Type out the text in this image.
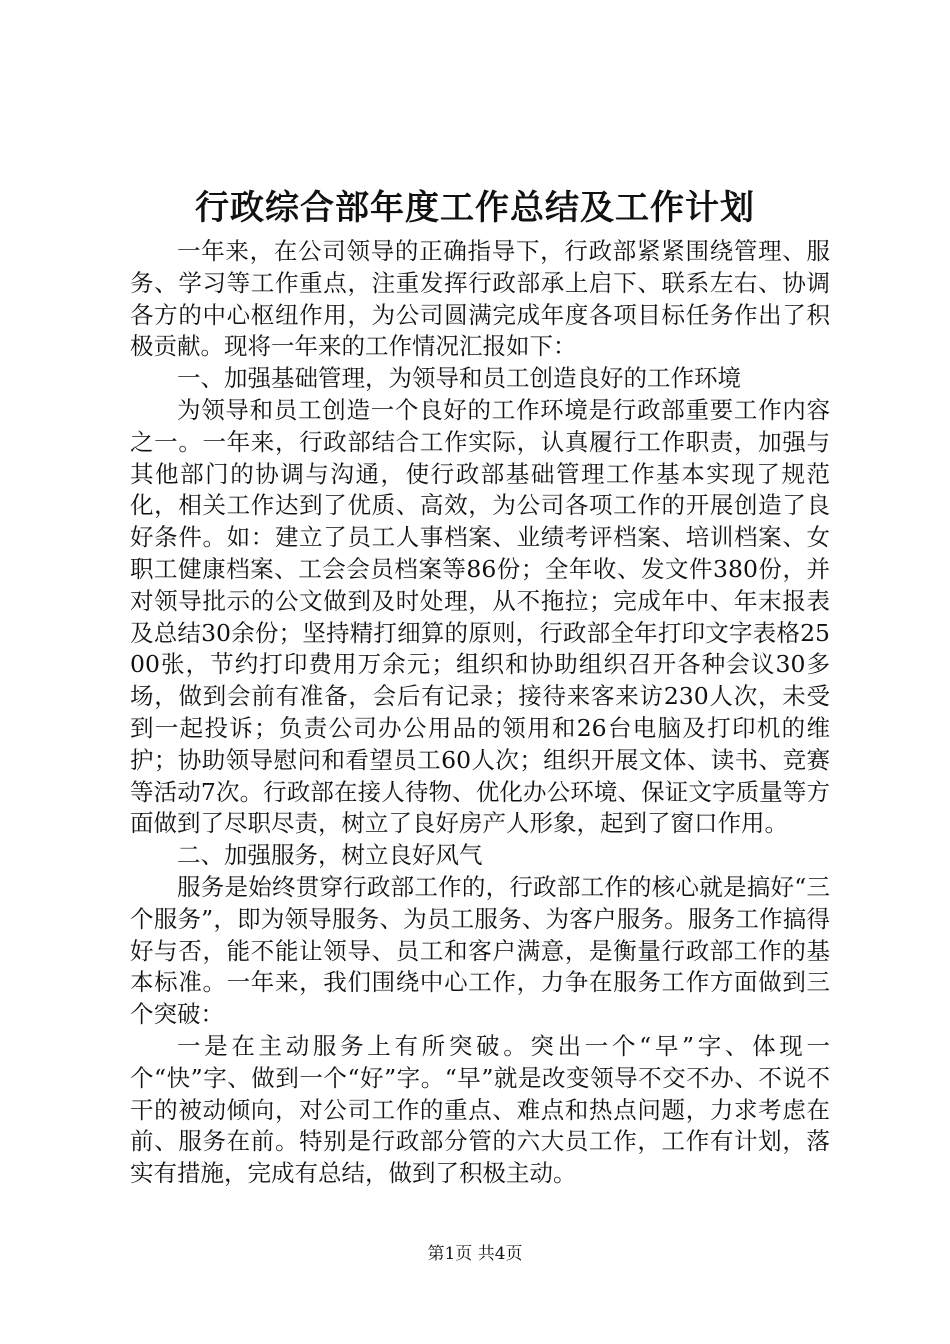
行政综合部年度工作总结及工作计划

一年来，在公司领导的正确指导下，行政部紧紧围绕管理、服务、学习等工作重点，注重发挥行政部承上启下、联系左右、协调各方的中心枢纽作用，为公司圆满完成年度各项目标任务作出了积极贡献。现将一年来的工作情况汇报如下：

一、加强基础管理，为领导和员工创造良好的工作环境

为领导和员工创造一个良好的工作环境是行政部重要工作内容之一。一年来，行政部结合工作实际，认真履行工作职责，加强与其他部门的协调与沟通，使行政部基础管理工作基本实现了规范化，相关工作达到了优质、高效，为公司各项工作的开展创造了良好条件。如：建立了员工人事档案、业绩考评档案、培训档案、女职工健康档案、工会会员档案等86份；全年收、发文件380份，并对领导批示的公文做到及时处理，从不拖拉；完成年中、年末报表及总结30余份；坚持精打细算的原则，行政部全年打印文字表格2500张，节约打印费用万余元；组织和协助组织召开各种会议30多场，做到会前有准备，会后有记录；接待来客来访230人次，未受到一起投诉；负责公司办公用品的领用和26台电脑及打印机的维护；协助领导慰问和看望员工60人次；组织开展文体、读书、竞赛等活动7次。行政部在接人待物、优化办公环境、保证文字质量等方面做到了尽职尽责，树立了良好房产人形象，起到了窗口作用。

二、加强服务，树立良好风气

服务是始终贯穿行政部工作的，行政部工作的核心就是搞好“三个服务”，即为领导服务、为员工服务、为客户服务。服务工作搞得好与否，能不能让领导、员工和客户满意，是衡量行政部工作的基本标准。一年来，我们围绕中心工作，力争在服务工作方面做到三个突破：

一是在主动服务上有所突破。突出一个“早”字、体现一个“快”字、做到一个“好”字。“早”就是改变领导不交不办、不说不干的被动倾向，对公司工作的重点、难点和热点问题，力求考虑在前、服务在前。特别是行政部分管的六大员工作，工作有计划，落实有措施，完成有总结，做到了积极主动。

第1页 共4页
